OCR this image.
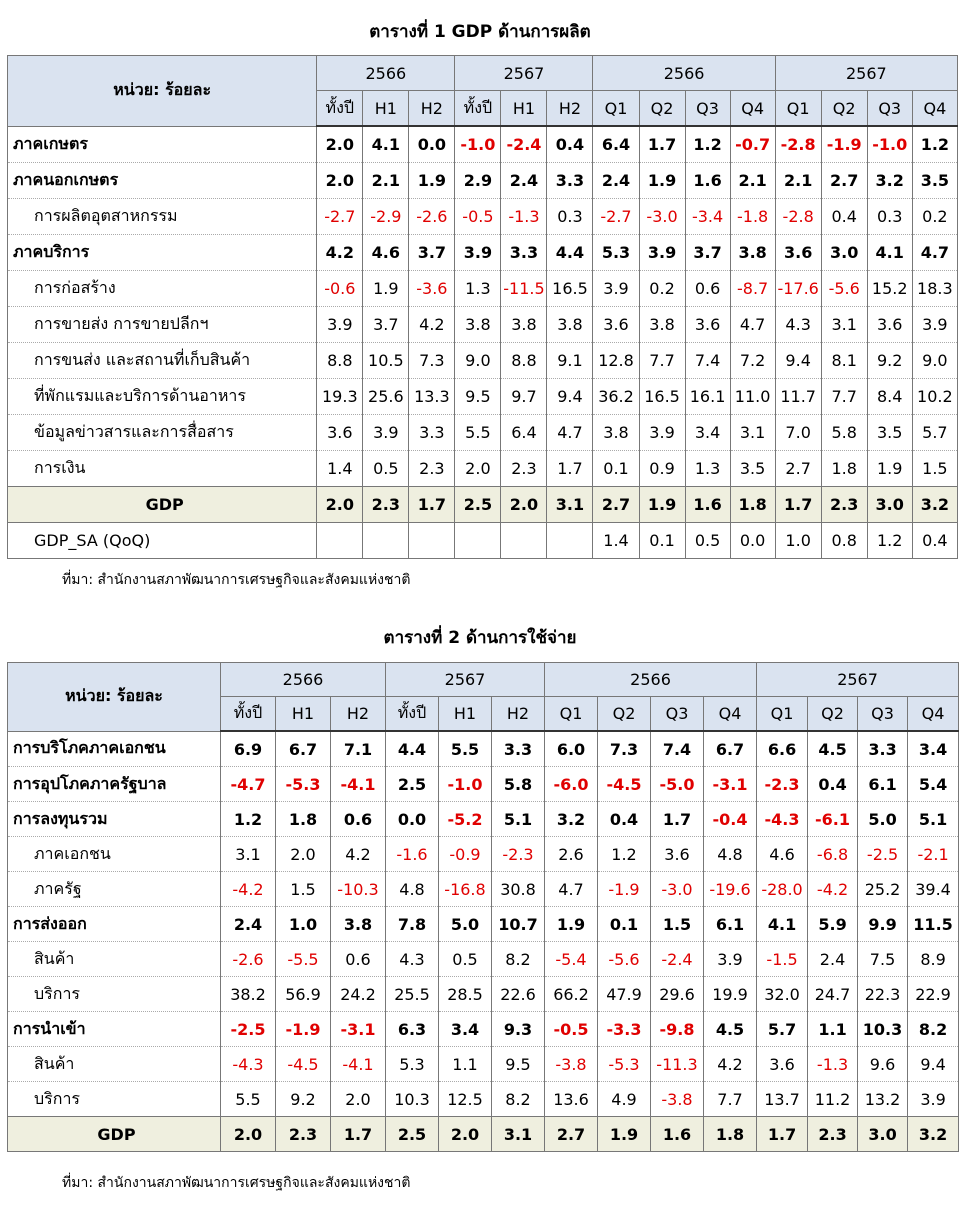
ตารางที่ 1 GDP ด้านการผลิต
หน่วย: ร้อยละ	2566			2567			2566				2567			
	ทั้งปี	H1	H2	ทั้งปี	H1	H2	Q1	Q2	Q3	Q4	Q1	Q2	Q3	Q4
ภาคเกษตร	2.0	4.1	0.0	-1.0	-2.4	0.4	6.4	1.7	1.2	-0.7	-2.8	-1.9	-1.0	1.2
ภาคนอกเกษตร	2.0	2.1	1.9	2.9	2.4	3.3	2.4	1.9	1.6	2.1	2.1	2.7	3.2	3.5
การผลิตอุตสาหกรรม	-2.7	-2.9	-2.6	-0.5	-1.3	0.3	-2.7	-3.0	-3.4	-1.8	-2.8	0.4	0.3	0.2
ภาคบริการ	4.2	4.6	3.7	3.9	3.3	4.4	5.3	3.9	3.7	3.8	3.6	3.0	4.1	4.7
การก่อสร้าง	-0.6	1.9	-3.6	1.3	-11.5	16.5	3.9	0.2	0.6	-8.7	-17.6	-5.6	15.2	18.3
การขายส่ง การขายปลีกฯ	3.9	3.7	4.2	3.8	3.8	3.8	3.6	3.8	3.6	4.7	4.3	3.1	3.6	3.9
การขนส่ง และสถานที่เก็บสินค้า	8.8	10.5	7.3	9.0	8.8	9.1	12.8	7.7	7.4	7.2	9.4	8.1	9.2	9.0
ที่พักแรมและบริการด้านอาหาร	19.3	25.6	13.3	9.5	9.7	9.4	36.2	16.5	16.1	11.0	11.7	7.7	8.4	10.2
ข้อมูลข่าวสารและการสื่อสาร	3.6	3.9	3.3	5.5	6.4	4.7	3.8	3.9	3.4	3.1	7.0	5.8	3.5	5.7
การเงิน	1.4	0.5	2.3	2.0	2.3	1.7	0.1	0.9	1.3	3.5	2.7	1.8	1.9	1.5
GDP	2.0	2.3	1.7	2.5	2.0	3.1	2.7	1.9	1.6	1.8	1.7	2.3	3.0	3.2
GDP_SA (QoQ)							1.4	0.1	0.5	0.0	1.0	0.8	1.2	0.4
ที่มา: สำนักงานสภาพัฒนาการเศรษฐกิจและสังคมแห่งชาติ
ตารางที่ 2 ด้านการใช้จ่าย
หน่วย: ร้อยละ	2566			2567			2566				2567			
	ทั้งปี	H1	H2	ทั้งปี	H1	H2	Q1	Q2	Q3	Q4	Q1	Q2	Q3	Q4
การบริโภคภาคเอกชน	6.9	6.7	7.1	4.4	5.5	3.3	6.0	7.3	7.4	6.7	6.6	4.5	3.3	3.4
การอุปโภคภาครัฐบาล	-4.7	-5.3	-4.1	2.5	-1.0	5.8	-6.0	-4.5	-5.0	-3.1	-2.3	0.4	6.1	5.4
การลงทุนรวม	1.2	1.8	0.6	0.0	-5.2	5.1	3.2	0.4	1.7	-0.4	-4.3	-6.1	5.0	5.1
ภาคเอกชน	3.1	2.0	4.2	-1.6	-0.9	-2.3	2.6	1.2	3.6	4.8	4.6	-6.8	-2.5	-2.1
ภาครัฐ	-4.2	1.5	-10.3	4.8	-16.8	30.8	4.7	-1.9	-3.0	-19.6	-28.0	-4.2	25.2	39.4
การส่งออก	2.4	1.0	3.8	7.8	5.0	10.7	1.9	0.1	1.5	6.1	4.1	5.9	9.9	11.5
สินค้า	-2.6	-5.5	0.6	4.3	0.5	8.2	-5.4	-5.6	-2.4	3.9	-1.5	2.4	7.5	8.9
บริการ	38.2	56.9	24.2	25.5	28.5	22.6	66.2	47.9	29.6	19.9	32.0	24.7	22.3	22.9
การนำเข้า	-2.5	-1.9	-3.1	6.3	3.4	9.3	-0.5	-3.3	-9.8	4.5	5.7	1.1	10.3	8.2
สินค้า	-4.3	-4.5	-4.1	5.3	1.1	9.5	-3.8	-5.3	-11.3	4.2	3.6	-1.3	9.6	9.4
บริการ	5.5	9.2	2.0	10.3	12.5	8.2	13.6	4.9	-3.8	7.7	13.7	11.2	13.2	3.9
GDP	2.0	2.3	1.7	2.5	2.0	3.1	2.7	1.9	1.6	1.8	1.7	2.3	3.0	3.2
ที่มา: สำนักงานสภาพัฒนาการเศรษฐกิจและสังคมแห่งชาติ
